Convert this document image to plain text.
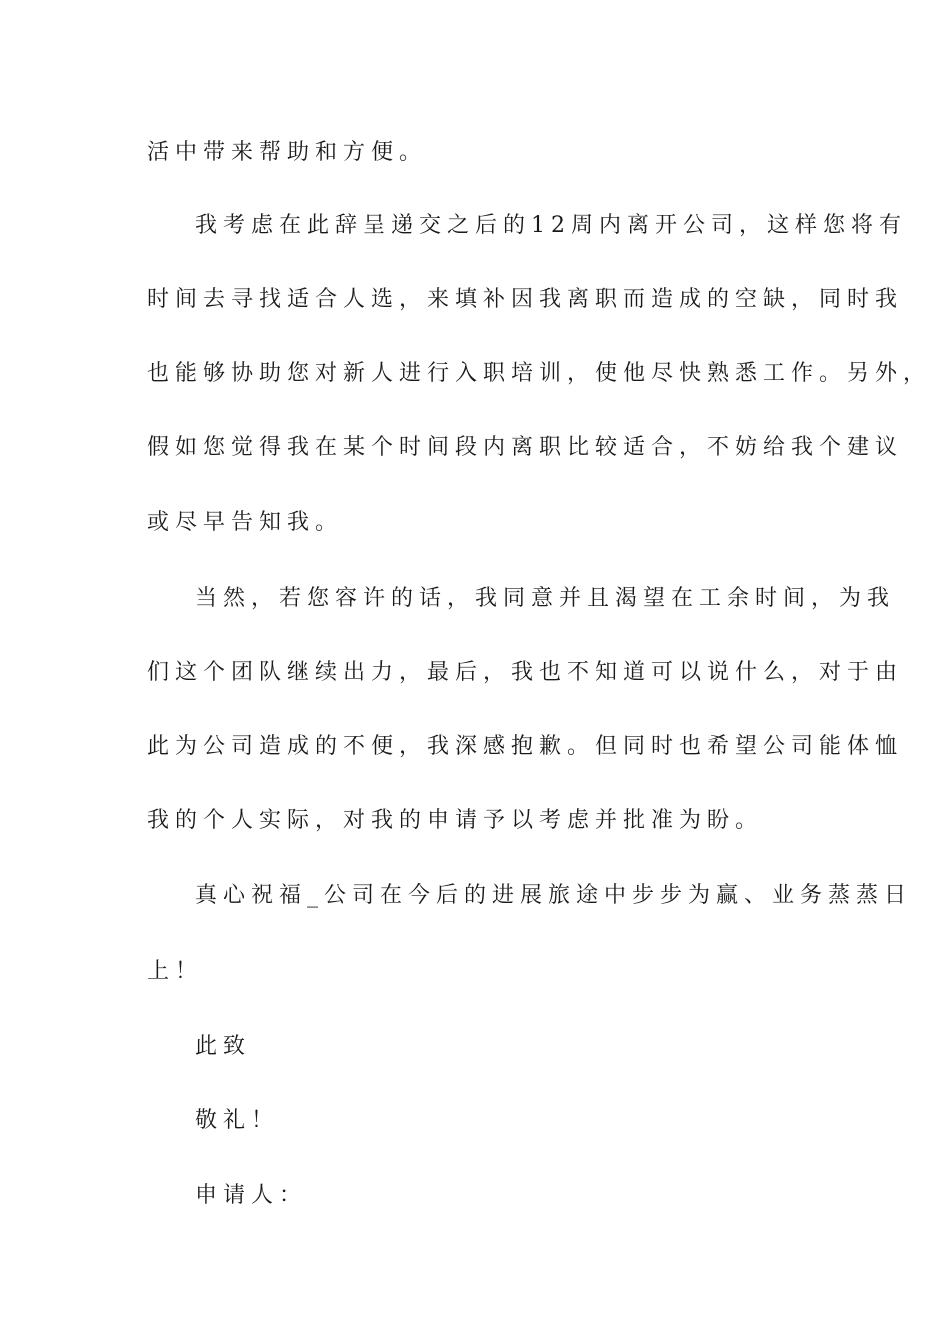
活中带来帮助和方便。
我考虑在此辞呈递交之后的12周内离开公司，这样您将有
时间去寻找适合人选，来填补因我离职而造成的空缺，同时我
也能够协助您对新人进行入职培训，使他尽快熟悉工作。另外，
假如您觉得我在某个时间段内离职比较适合，不妨给我个建议
或尽早告知我。
当然，若您容许的话，我同意并且渴望在工余时间，为我
们这个团队继续出力，最后，我也不知道可以说什么，对于由
此为公司造成的不便，我深感抱歉。但同时也希望公司能体恤
我的个人实际，对我的申请予以考虑并批准为盼。
真心祝福_公司在今后的进展旅途中步步为赢、业务蒸蒸日
上！
此致
敬礼！
申请人：
